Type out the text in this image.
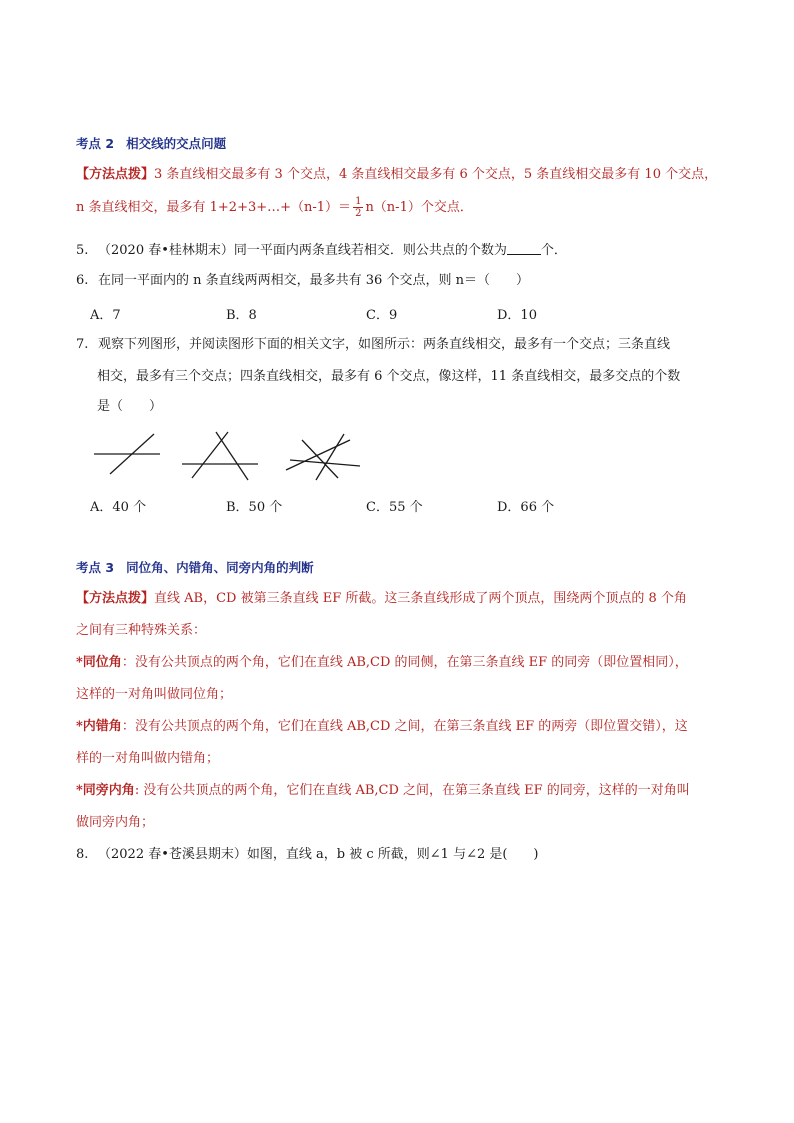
考点 2 相交线的交点问题
【方法点拨】3 条直线相交最多有 3 个交点，4 条直线相交最多有 6 个交点，5 条直线相交最多有 10 个交点，
n 条直线相交，最多有 1+2+3+…+（n-1）＝ $\frac{1}{2} n(n-1)$个交点．
5. （2020 春•桂林期末）同一平面内两条直线若相交．则公共点的个数为	个．
6. 在同一平面内的 n 条直线两两相交，最多共有 36 个交点，则 n＝（　　）
A．7	B．8	C．9	D．10
7. 观察下列图形，并阅读图形下面的相关文字，如图所示：两条直线相交，最多有一个交点；三条直线
相交，最多有三个交点；四条直线相交，最多有 6 个交点，像这样，11 条直线相交，最多交点的个数
是（　　）
A．40 个	B．50 个	C．55 个	D．66 个
考点 3 同位角、内错角、同旁内角的判断
【方法点拨】直线 AB，CD 被第三条直线 EF 所截。这三条直线形成了两个顶点，围绕两个顶点的 8 个角
之间有三种特殊关系：
*同位角：没有公共顶点的两个角，它们在直线 AB,CD 的同侧，在第三条直线 EF 的同旁（即位置相同），
这样的一对角叫做同位角；
*内错角：没有公共顶点的两个角，它们在直线 AB,CD 之间，在第三条直线 EF 的两旁（即位置交错），这
样的一对角叫做内错角；
*同旁内角: 没有公共顶点的两个角，它们在直线 AB,CD 之间，在第三条直线 EF 的同旁，这样的一对角叫
做同旁内角；
8. （2022 春•苍溪县期末）如图，直线 a，b 被 c 所截，则∠1 与∠2 是(　　)
